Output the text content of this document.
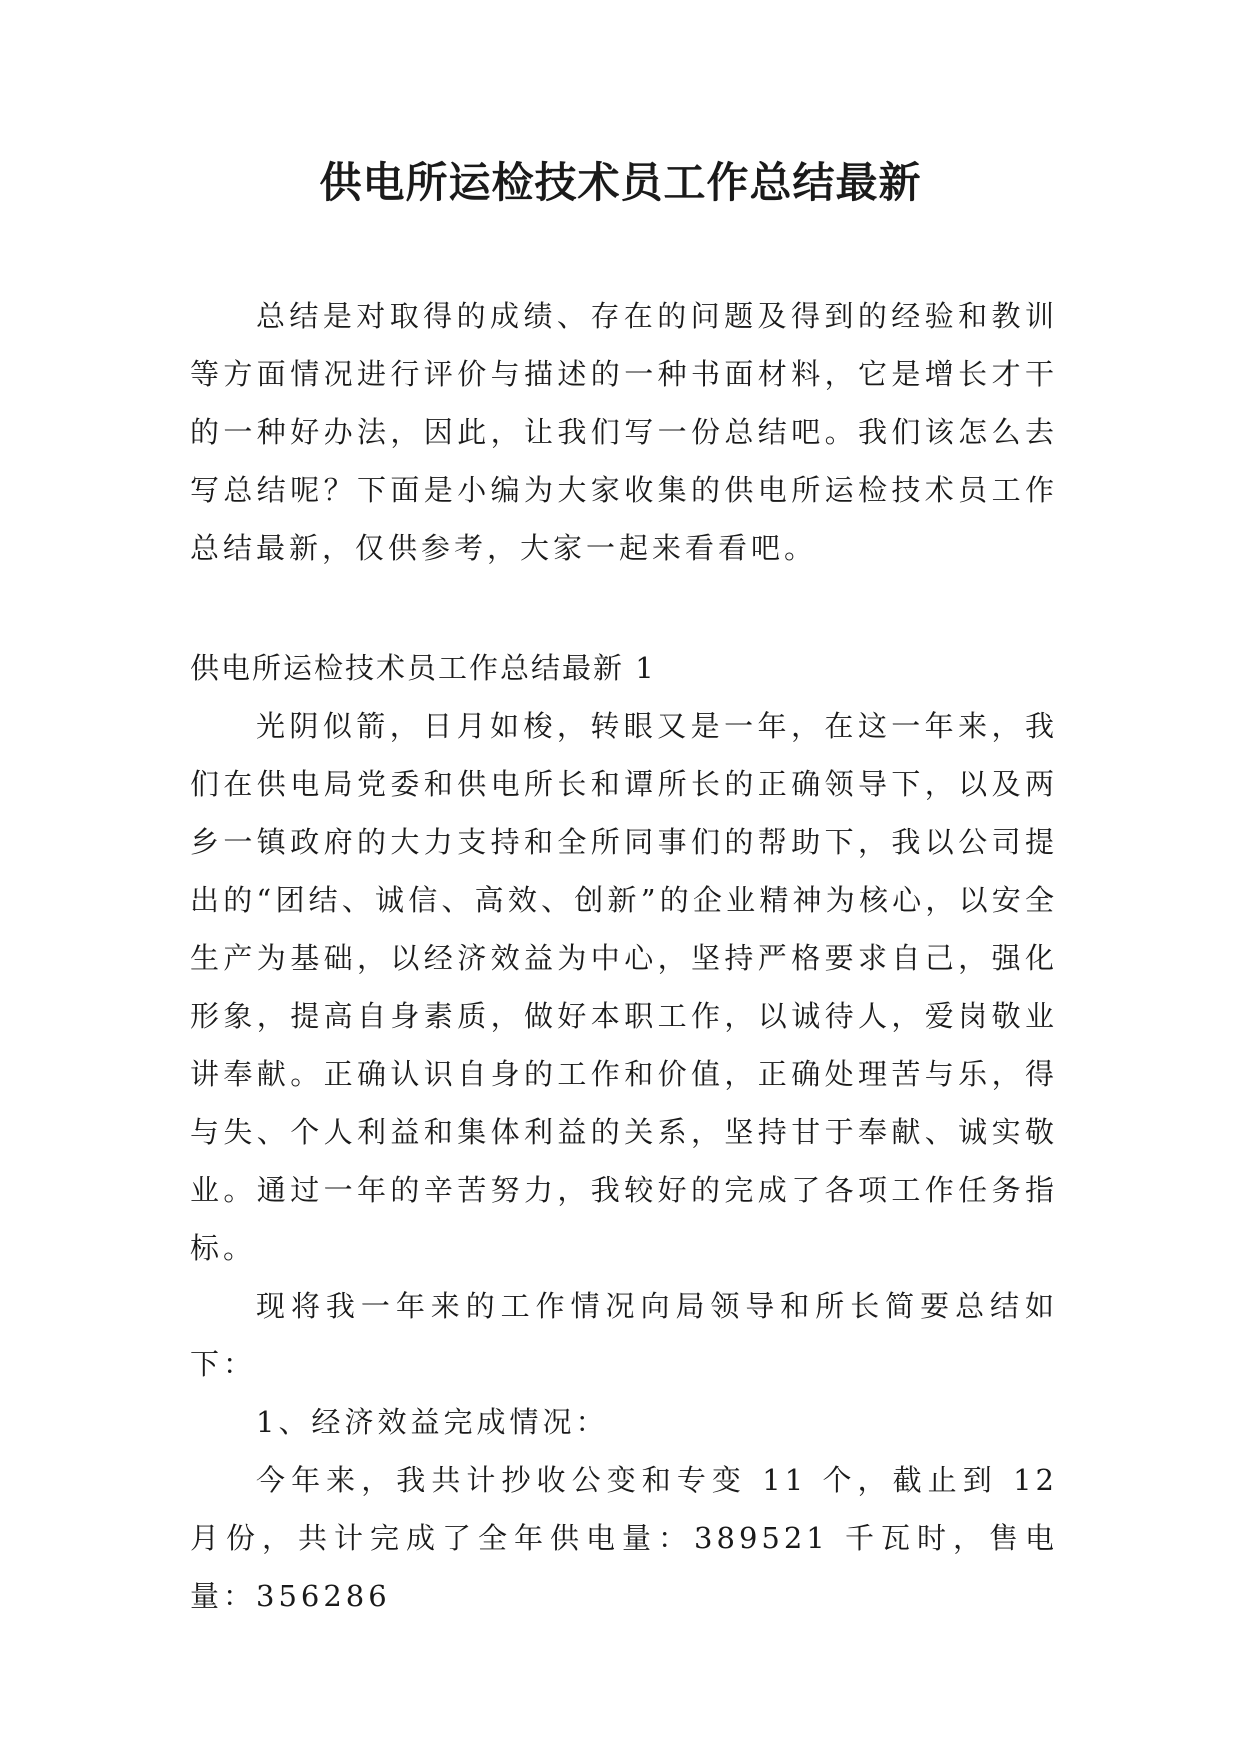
供电所运检技术员工作总结最新

总结是对取得的成绩、存在的问题及得到的经验和教训等方面情况进行评价与描述的一种书面材料，它是增长才干的一种好办法，因此，让我们写一份总结吧。我们该怎么去写总结呢？下面是小编为大家收集的供电所运检技术员工作总结最新，仅供参考，大家一起来看看吧。

供电所运检技术员工作总结最新 1

光阴似箭，日月如梭，转眼又是一年，在这一年来，我们在供电局党委和供电所长和谭所长的正确领导下，以及两乡一镇政府的大力支持和全所同事们的帮助下，我以公司提出的“团结、诚信、高效、创新”的企业精神为核心，以安全生产为基础，以经济效益为中心，坚持严格要求自己，强化形象，提高自身素质，做好本职工作，以诚待人，爱岗敬业讲奉献。正确认识自身的工作和价值，正确处理苦与乐，得与失、个人利益和集体利益的关系，坚持甘于奉献、诚实敬业。通过一年的辛苦努力，我较好的完成了各项工作任务指标。

现将我一年来的工作情况向局领导和所长简要总结如下：

1、经济效益完成情况：

今年来，我共计抄收公变和专变 11 个，截止到 12 月份，共计完成了全年供电量：389521 千瓦时，售电量：356286
